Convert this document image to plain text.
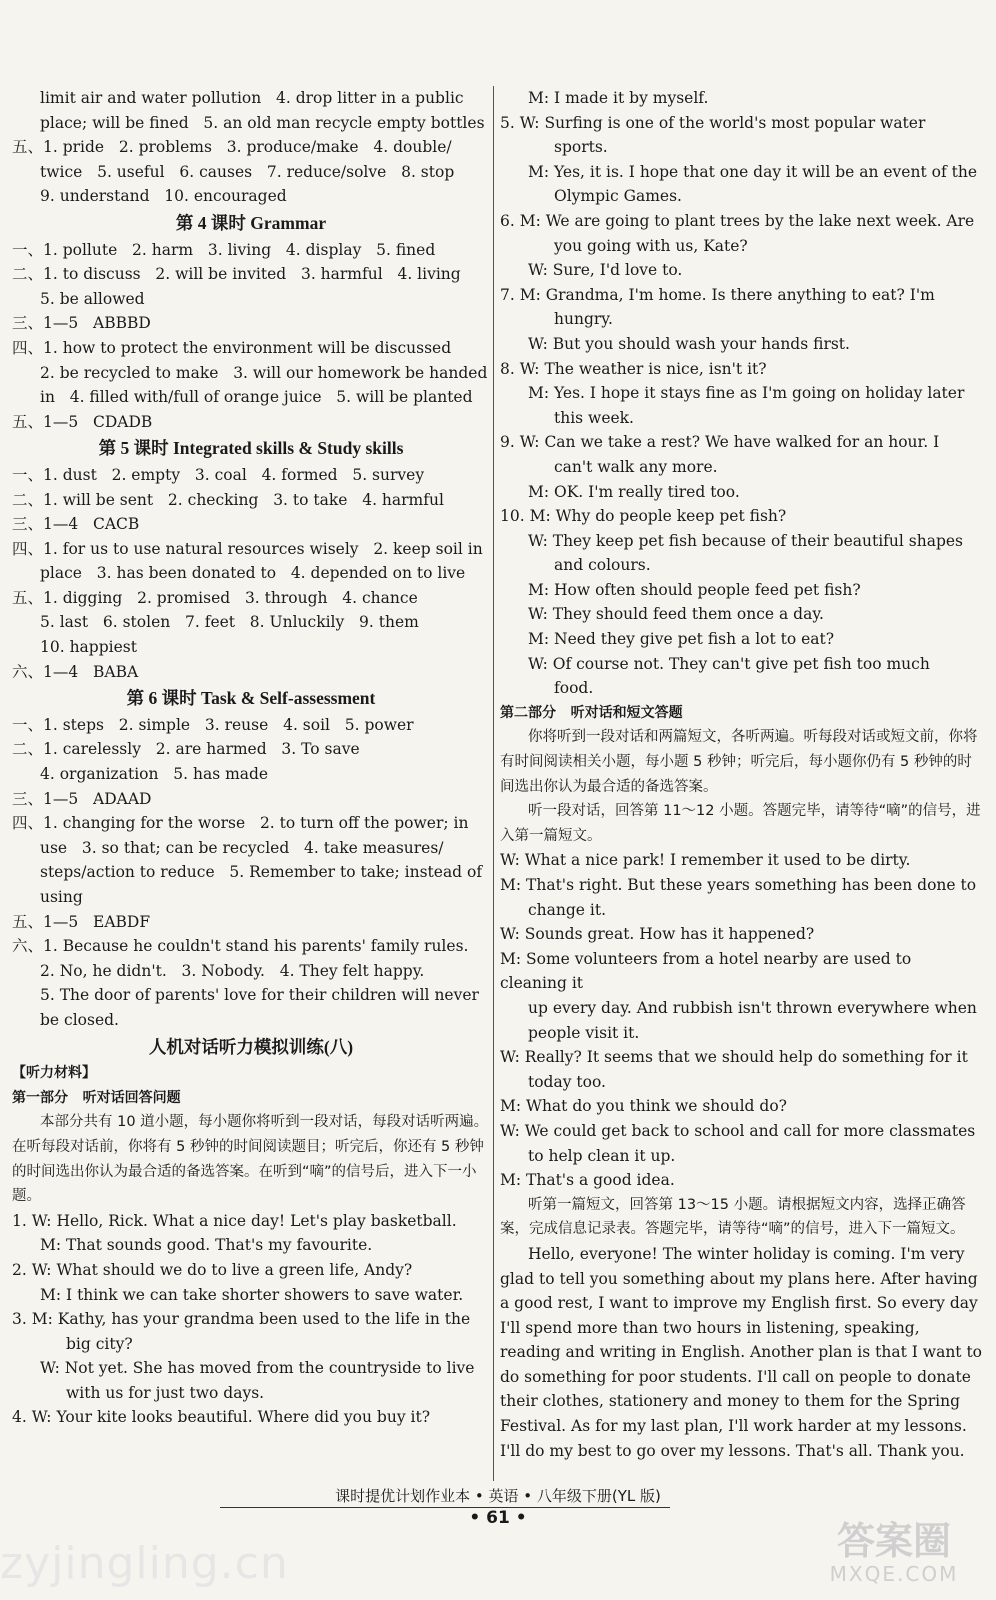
limit air and water pollution   4. drop litter in a public
place; will be fined   5. an old man recycle empty bottles
五、1. pride   2. problems   3. produce/make   4. double/
twice   5. useful   6. causes   7. reduce/solve   8. stop
9. understand   10. encouraged
第 4 课时 Grammar
一、1. pollute   2. harm   3. living   4. display   5. fined
二、1. to discuss   2. will be invited   3. harmful   4. living
5. be allowed
三、1—5   ABBBD
四、1. how to protect the environment will be discussed
2. be recycled to make   3. will our homework be handed
in   4. filled with/full of orange juice   5. will be planted
五、1—5   CDADB
第 5 课时 Integrated skills & Study skills
一、1. dust   2. empty   3. coal   4. formed   5. survey
二、1. will be sent   2. checking   3. to take   4. harmful
三、1—4   CACB
四、1. for us to use natural resources wisely   2. keep soil in
place   3. has been donated to   4. depended on to live
五、1. digging   2. promised   3. through   4. chance
5. last   6. stolen   7. feet   8. Unluckily   9. them
10. happiest
六、1—4   BABA
第 6 课时 Task & Self-assessment
一、1. steps   2. simple   3. reuse   4. soil   5. power
二、1. carelessly   2. are harmed   3. To save
4. organization   5. has made
三、1—5   ADAAD
四、1. changing for the worse   2. to turn off the power; in
use   3. so that; can be recycled   4. take measures/
steps/action to reduce   5. Remember to take; instead of
using
五、1—5   EABDF
六、1. Because he couldn't stand his parents' family rules.
2. No, he didn't.   3. Nobody.   4. They felt happy.
5. The door of parents' love for their children will never
be closed.
人机对话听力模拟训练(八)
【听力材料】
第一部分   听对话回答问题
本部分共有 10 道小题，每小题你将听到一段对话，每段对话听两遍。在听每段对话前，你将有 5 秒钟的时间阅读题目；听完后，你还有 5 秒钟的时间选出你认为最合适的备选答案。在听到“嘀”的信号后，进入下一小题。
1. W: Hello, Rick. What a nice day! Let's play basketball.
M: That sounds good. That's my favourite.
2. W: What should we do to live a green life, Andy?
M: I think we can take shorter showers to save water.
3. M: Kathy, has your grandma been used to the life in the
big city?
W: Not yet. She has moved from the countryside to live
with us for just two days.
4. W: Your kite looks beautiful. Where did you buy it?
M: I made it by myself.
5. W: Surfing is one of the world's most popular water
sports.
M: Yes, it is. I hope that one day it will be an event of the
Olympic Games.
6. M: We are going to plant trees by the lake next week. Are
you going with us, Kate?
W: Sure, I'd love to.
7. M: Grandma, I'm home. Is there anything to eat? I'm
hungry.
W: But you should wash your hands first.
8. W: The weather is nice, isn't it?
M: Yes. I hope it stays fine as I'm going on holiday later
this week.
9. W: Can we take a rest? We have walked for an hour. I
can't walk any more.
M: OK. I'm really tired too.
10. M: Why do people keep pet fish?
W: They keep pet fish because of their beautiful shapes
and colours.
M: How often should people feed pet fish?
W: They should feed them once a day.
M: Need they give pet fish a lot to eat?
W: Of course not. They can't give pet fish too much
food.
第二部分   听对话和短文答题
你将听到一段对话和两篇短文，各听两遍。听每段对话或短文前，你将有时间阅读相关小题，每小题 5 秒钟；听完后，每小题你仍有 5 秒钟的时间选出你认为最合适的备选答案。
听一段对话，回答第 11～12 小题。答题完毕，请等待“嘀”的信号，进入第一篇短文。
W: What a nice park! I remember it used to be dirty.
M: That's right. But these years something has been done to
change it.
W: Sounds great. How has it happened?
M: Some volunteers from a hotel nearby are used to cleaning it
up every day. And rubbish isn't thrown everywhere when
people visit it.
W: Really? It seems that we should help do something for it
today too.
M: What do you think we should do?
W: We could get back to school and call for more classmates
to help clean it up.
M: That's a good idea.
听第一篇短文，回答第 13～15 小题。请根据短文内容，选择正确答案，完成信息记录表。答题完毕，请等待“嘀”的信号，进入下一篇短文。
Hello, everyone! The winter holiday is coming. I'm very glad to tell you something about my plans here. After having a good rest, I want to improve my English first. So every day I'll spend more than two hours in listening, speaking, reading and writing in English. Another plan is that I want to do something for poor students. I'll call on people to donate their clothes, stationery and money to them for the Spring Festival. As for my last plan, I'll work harder at my lessons. I'll do my best to go over my lessons. That's all. Thank you.
课时提优计划作业本 • 英语 • 八年级下册(YL 版)
• 61 •
zyjingling.cn	答案圈
MXQE.COM
